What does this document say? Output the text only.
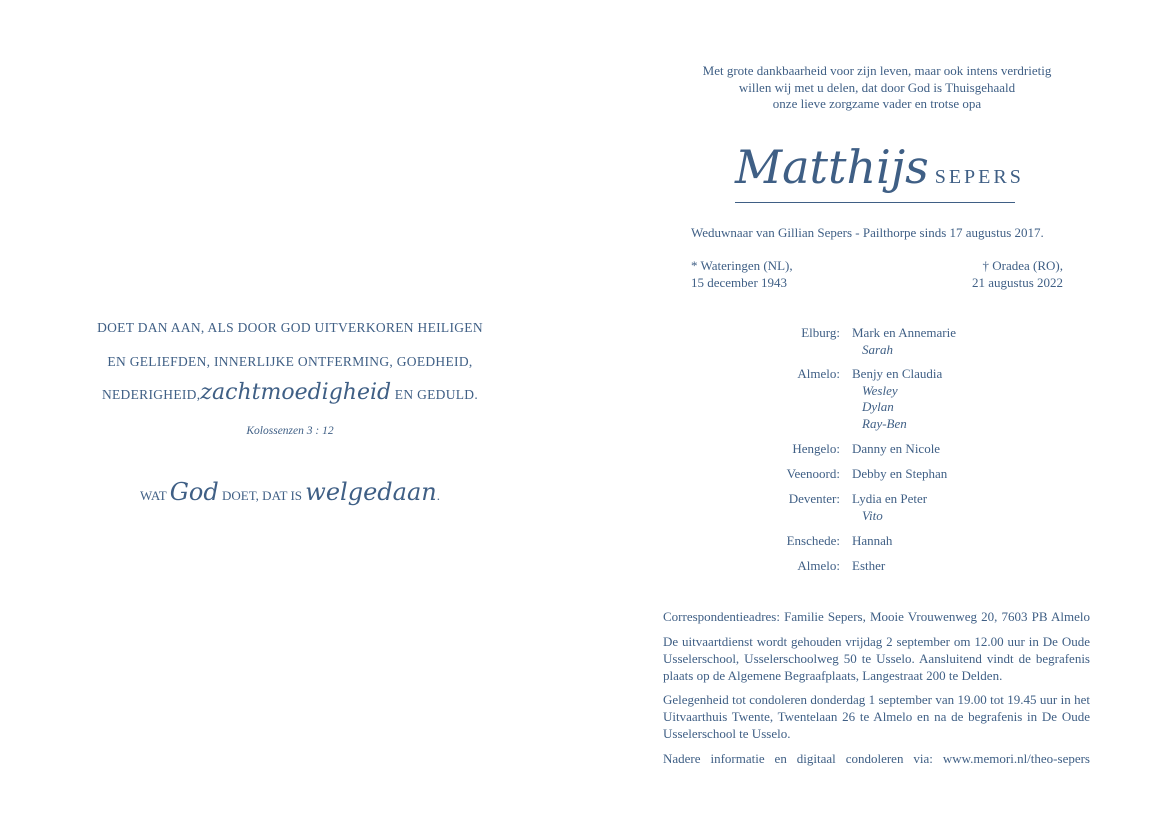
DOET DAN AAN, ALS DOOR GOD UITVERKOREN HEILIGEN
EN GELIEFDEN, INNERLIJKE ONTFERMING, GOEDHEID,
NEDERIGHEID,zachtmoedigheid EN GEDULD.
Kolossenzen 3 : 12
WAT God DOET, DAT IS welgedaan.
Met grote dankbaarheid voor zijn leven, maar ook intens verdrietig
willen wij met u delen, dat door God is Thuisgehaald
onze lieve zorgzame vader en trotse opa
Matthijs SEPERS
Weduwnaar van Gillian Sepers - Pailthorpe sinds 17 augustus 2017.
* Wateringen (NL),
15 december 1943
† Oradea (RO),
21 augustus 2022
Elburg: Mark en Annemarie
Sarah
Almelo: Benjy en Claudia
Wesley
Dylan
Ray-Ben
Hengelo: Danny en Nicole
Veenoord: Debby en Stephan
Deventer: Lydia en Peter
Vito
Enschede: Hannah
Almelo: Esther
Correspondentieadres: Familie Sepers, Mooie Vrouwenweg 20, 7603 PB Almelo
De uitvaartdienst wordt gehouden vrijdag 2 september om 12.00 uur in De Oude Usselerschool, Usselerschoolweg 50 te Usselo. Aansluitend vindt de begrafenis plaats op de Algemene Begraafplaats, Langestraat 200 te Delden.
Gelegenheid tot condoleren donderdag 1 september van 19.00 tot 19.45 uur in het Uitvaarthuis Twente, Twentelaan 26 te Almelo en na de begrafenis in De Oude Usselerschool te Usselo.
Nadere informatie en digitaal condoleren via: www.memori.nl/theo-sepers
